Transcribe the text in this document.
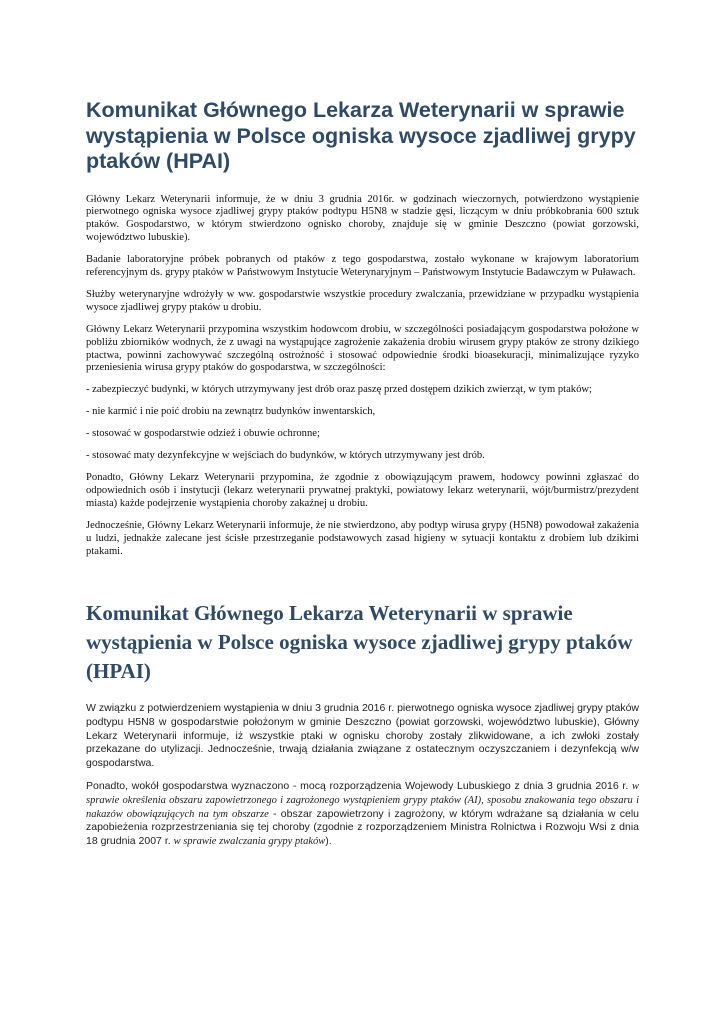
Komunikat Głównego Lekarza Weterynarii w sprawie wystąpienia w Polsce ogniska wysoce zjadliwej grypy ptaków (HPAI)

Główny Lekarz Weterynarii informuje, że w dniu 3 grudnia 2016r. w godzinach wieczornych, potwierdzono wystąpienie pierwotnego ogniska wysoce zjadliwej grypy ptaków podtypu H5N8 w stadzie gęsi, liczącym w dniu próbkobrania 600 sztuk ptaków. Gospodarstwo, w którym stwierdzono ognisko choroby, znajduje się w gminie Deszczno (powiat gorzowski, województwo lubuskie).

Badanie laboratoryjne próbek pobranych od ptaków z tego gospodarstwa, zostało wykonane w krajowym laboratorium referencyjnym ds. grypy ptaków w Państwowym Instytucie Weterynaryjnym – Państwowym Instytucie Badawczym w Puławach.

Służby weterynaryjne wdrożyły w ww. gospodarstwie wszystkie procedury zwalczania, przewidziane w przypadku wystąpienia wysoce zjadliwej grypy ptaków u drobiu.

Główny Lekarz Weterynarii przypomina wszystkim hodowcom drobiu, w szczególności posiadającym gospodarstwa położone w pobliżu zbiorników wodnych, że z uwagi na wystąpujące zagrożenie zakażenia drobiu wirusem grypy ptaków ze strony dzikiego ptactwa, powinni zachowywać szczególną ostrożność i stosować odpowiednie środki bioasekuracji, minimalizujące ryzyko przeniesienia wirusa grypy ptaków do gospodarstwa, w szczególności:

- zabezpieczyć budynki, w których utrzymywany jest drób oraz paszę przed dostępem dzikich zwierząt, w tym ptaków;

- nie karmić i nie poić drobiu na zewnątrz budynków inwentarskich,

- stosować w gospodarstwie odzież i obuwie ochronne;

- stosować maty dezynfekcyjne w wejściach do budynków, w których utrzymywany jest drób.

Ponadto, Główny Lekarz Weterynarii przypomina, że zgodnie z obowiązującym prawem, hodowcy powinni zgłaszać do odpowiednich osób i instytucji (lekarz weterynarii prywatnej praktyki, powiatowy lekarz weterynarii, wójt/burmistrz/prezydent miasta) każde podejrzenie wystąpienia choroby zakaźnej u drobiu.

Jednocześnie, Główny Lekarz Weterynarii informuje, że nie stwierdzono, aby podtyp wirusa grypy (H5N8) powodował zakażenia u ludzi, jednakże zalecane jest ścisłe przestrzeganie podstawowych zasad higieny w sytuacji kontaktu z drobiem lub dzikimi ptakami.

Komunikat Głównego Lekarza Weterynarii w sprawie wystąpienia w Polsce ogniska wysoce zjadliwej grypy ptaków (HPAI)

W związku z potwierdzeniem wystąpienia w dniu 3 grudnia 2016 r. pierwotnego ogniska wysoce zjadliwej grypy ptaków podtypu H5N8 w gospodarstwie położonym w gminie Deszczno (powiat gorzowski, województwo lubuskie), Główny Lekarz Weterynarii informuje, iż wszystkie ptaki w ognisku choroby zostały zlikwidowane, a ich zwłoki zostały przekazane do utylizacji. Jednocześnie, trwają działania związane z ostatecznym oczyszczaniem i dezynfekcją w/w gospodarstwa.

Ponadto, wokół gospodarstwa wyznaczono - mocą rozporządzenia Wojewody Lubuskiego z dnia 3 grudnia 2016 r. w sprawie określenia obszaru zapowietrzonego i zagrożonego wystąpieniem grypy ptaków (AI), sposobu znakowania tego obszaru i nakazów obowiązujących na tym obszarze - obszar zapowietrzony i zagrożony, w którym wdrażane są działania w celu zapobieżenia rozprzestrzeniania się tej choroby (zgodnie z rozporządzeniem Ministra Rolnictwa i Rozwoju Wsi z dnia 18 grudnia 2007 r. w sprawie zwalczania grypy ptaków).
